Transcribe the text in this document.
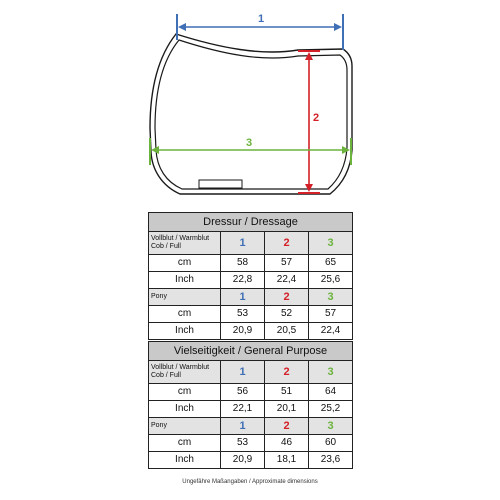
1
2
3
Dressur / Dressage			
Vollblut / Warmblut Cob / Full	1	2	3
cm	58	57	65
Inch	22,8	22,4	25,6
Pony	1	2	3
cm	53	52	57
Inch	20,9	20,5	22,4
Vielseitigkeit / General Purpose			
Vollblut / Warmblut Cob / Full	1	2	3
cm	56	51	64
Inch	22,1	20,1	25,2
Pony	1	2	3
cm	53	46	60
Inch	20,9	18,1	23,6
Ungefähre Maßangaben / Approximate dimensions
